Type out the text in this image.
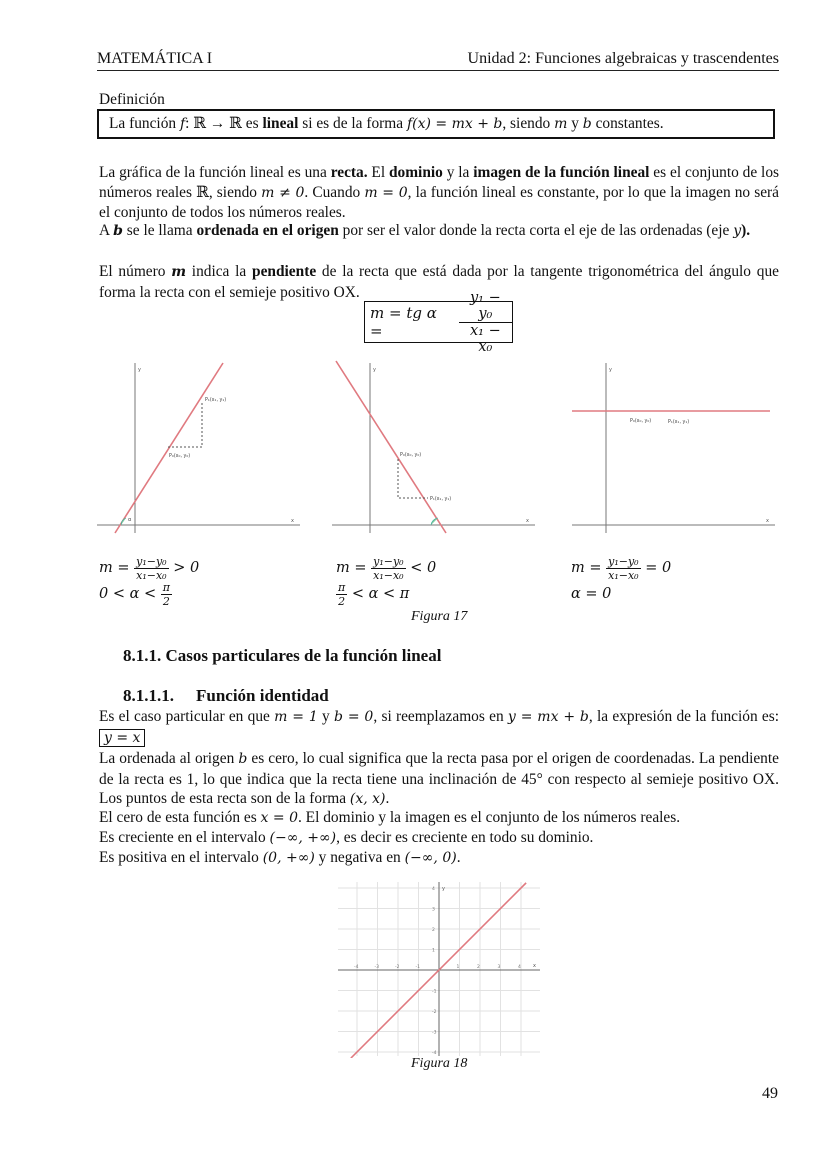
MATEMÁTICA I	Unidad 2: Funciones algebraicas y trascendentes
Definición
La función f: ℝ → ℝ es lineal si es de la forma f(x) = mx + b, siendo m y b constantes.
La gráfica de la función lineal es una recta. El dominio y la imagen de la función lineal es el conjunto de los números reales ℝ, siendo m ≠ 0. Cuando m = 0, la función lineal es constante, por lo que la imagen no será el conjunto de todos los números reales.
A b se le llama ordenada en el origen por ser el valor donde la recta corta el eje de las ordenadas (eje y).
El número m indica la pendiente de la recta que está dada por la tangente trigonométrica del ángulo que forma la recta con el semieje positivo OX.
m = tg α =
	$\frac{\text{y₁ − y₀}}{\text{x₁ − x₀}}$
y
x
α
P₀(x₀, y₀)
P₁(x₁, y₁)
y
x
P₀(x₀, y₀)
P₁(x₁, y₁)
y
x
P₀(x₀, y₀)	P₁(x₁, y₁)
m =
$\frac{\text{y₁−y₀}}{\text{x₁−x₀}}$
> 0
0 < α <
$\frac{\pi}{2}$
m =
$\frac{\text{y₁−y₀}}{\text{x₁−x₀}}$
< 0
$\frac{\pi}{2}$
< α < π
m =
$\frac{\text{y₁−y₀}}{\text{x₁−x₀}}$
= 0
α = 0
Figura 17
8.1.1. Casos particulares de la función lineal
8.1.1.1. Función identidad
Es el caso particular en que m = 1 y b = 0, si reemplazamos en y = mx + b, la expresión de la función es: y = x
La ordenada al origen b es cero, lo cual significa que la recta pasa por el origen de coordenadas. La pendiente de la recta es 1, lo que indica que la recta tiene una inclinación de 45° con respecto al semieje positivo OX. Los puntos de esta recta son de la forma (x, x).
El cero de esta función es x = 0. El dominio y la imagen es el conjunto de los números reales.
Es creciente en el intervalo (−∞, +∞), es decir es creciente en todo su dominio.
Es positiva en el intervalo (0, +∞) y negativa en (−∞, 0).
y
x
-4	-3	-2	-1	1	2	3	4
4
3
2
1
-1
-2
-3
-4
Figura 18
49
